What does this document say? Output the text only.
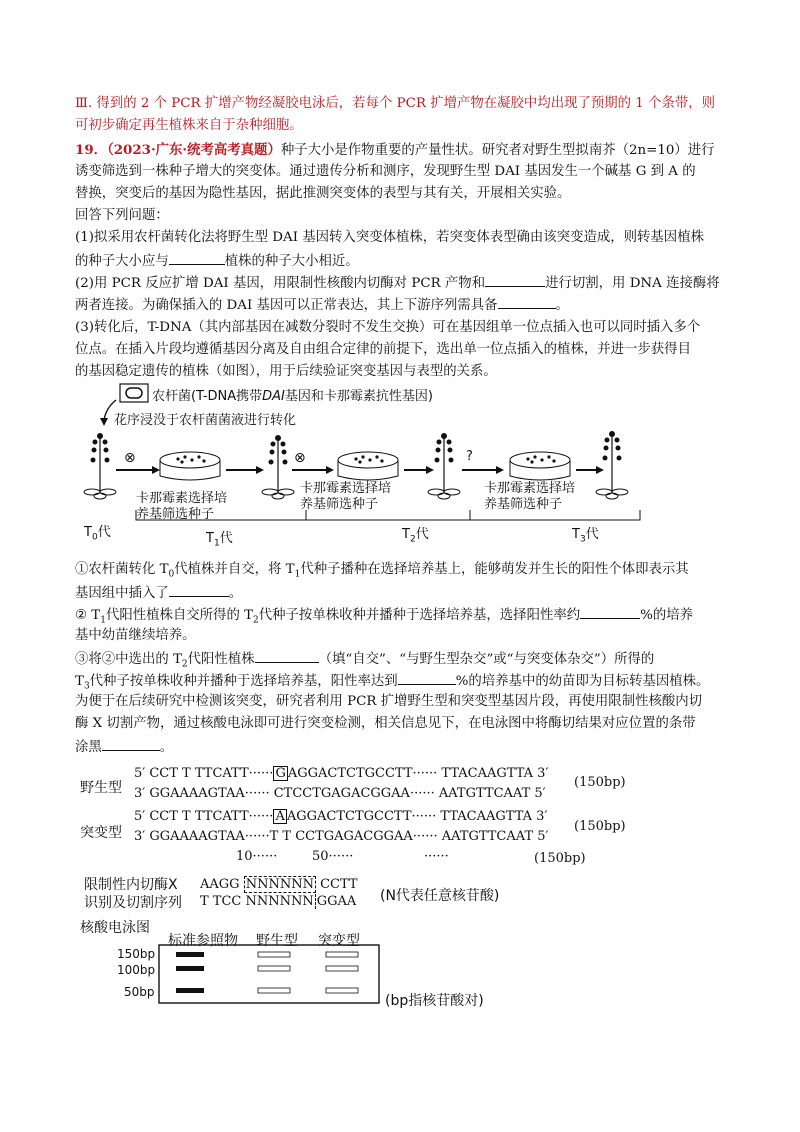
Ⅲ. 得到的 2 个 PCR 扩增产物经凝胶电泳后，若每个 PCR 扩增产物在凝胶中均出现了预期的 1 个条带，则
可初步确定再生植株来自于杂种细胞。
19．（2023·广东·统考高考真题）种子大小是作物重要的产量性状。研究者对野生型拟南芥（2n=10）进行
诱变筛选到一株种子增大的突变体。通过遗传分析和测序，发现野生型 DAI 基因发生一个碱基 G 到 A 的
替换，突变后的基因为隐性基因，据此推测突变体的表型与其有关，开展相关实验。
回答下列问题：
(1)拟采用农杆菌转化法将野生型 DAI 基因转入突变体植株，若突变体表型确由该突变造成，则转基因植株
的种子大小应与	植株的种子大小相近。
(2)用 PCR 反应扩增 DAI 基因，用限制性核酸内切酶对 PCR 产物和	进行切割，用 DNA 连接酶将
两者连接。为确保插入的 DAI 基因可以正常表达，其上下游序列需具备	。
(3)转化后，T-DNA（其内部基因在减数分裂时不发生交换）可在基因组单一位点插入也可以同时插入多个
位点。在插入片段均遵循基因分离及自由组合定律的前提下，选出单一位点插入的植株，并进一步获得目
的基因稳定遗传的植株（如图），用于后续验证突变基因与表型的关系。
⊗	⊗	?
农杆菌(T-DNA携带DAI基因和卡那霉素抗性基因)
花序浸没于农杆菌菌液进行转化
卡那霉素选择培
养基筛选种子
卡那霉素选择培
养基筛选种子
卡那霉素选择培
养基筛选种子
$T_0$代	$T_1$代	$T_2$代	$T_3$代
①农杆菌转化 $T_0$代植株并自交，将 $T_1$代种子播种在选择培养基上，能够萌发并生长的阳性个体即表示其
基因组中插入了	。
② $T_1$代阳性植株自交所得的 $T_2$代种子按单株收种并播种于选择培养基，选择阳性率约	%的培养
基中幼苗继续培养。
③将②中选出的 $T_2$代阳性植株	（填“自交”、“与野生型杂交”或“与突变体杂交”）所得的
$T_3$代种子按单株收种并播种于选择培养基，阳性率达到	%的培养基中的幼苗即为目标转基因植株。
为便于在后续研究中检测该突变，研究者利用 PCR 扩增野生型和突变型基因片段，再使用限制性核酸内切
酶 X 切割产物，通过核酸电泳即可进行突变检测，相关信息见下，在电泳图中将酶切结果对应位置的条带
涂黑	。
野生型
5′ CCT T TTCATT······ G AGGACTCTGCCTT······ TTACAAGTTA 3′
3′ GGAAAAGTAA······ CTCCTGAGACGGAA······ AATGTTCAAT 5′
(150bp)
突变型
5′ CCT T TTCATT······ A AGGACTCTGCCTT······ TTACAAGTTA 3′
3′ GGAAAAGTAA······T T CCTGAGACGGAA······ AATGTTCAAT 5′
(150bp)
10······	50······	······	(150bp)
限制性内切酶X
识别及切割序列
AAGG NNNNNN CCTT
T TCC NNNNNN GGAA (N代表任意核苷酸)
核酸电泳图
标准参照物 野生型 突变型
150bp
100bp
50bp
(bp指核苷酸对)
